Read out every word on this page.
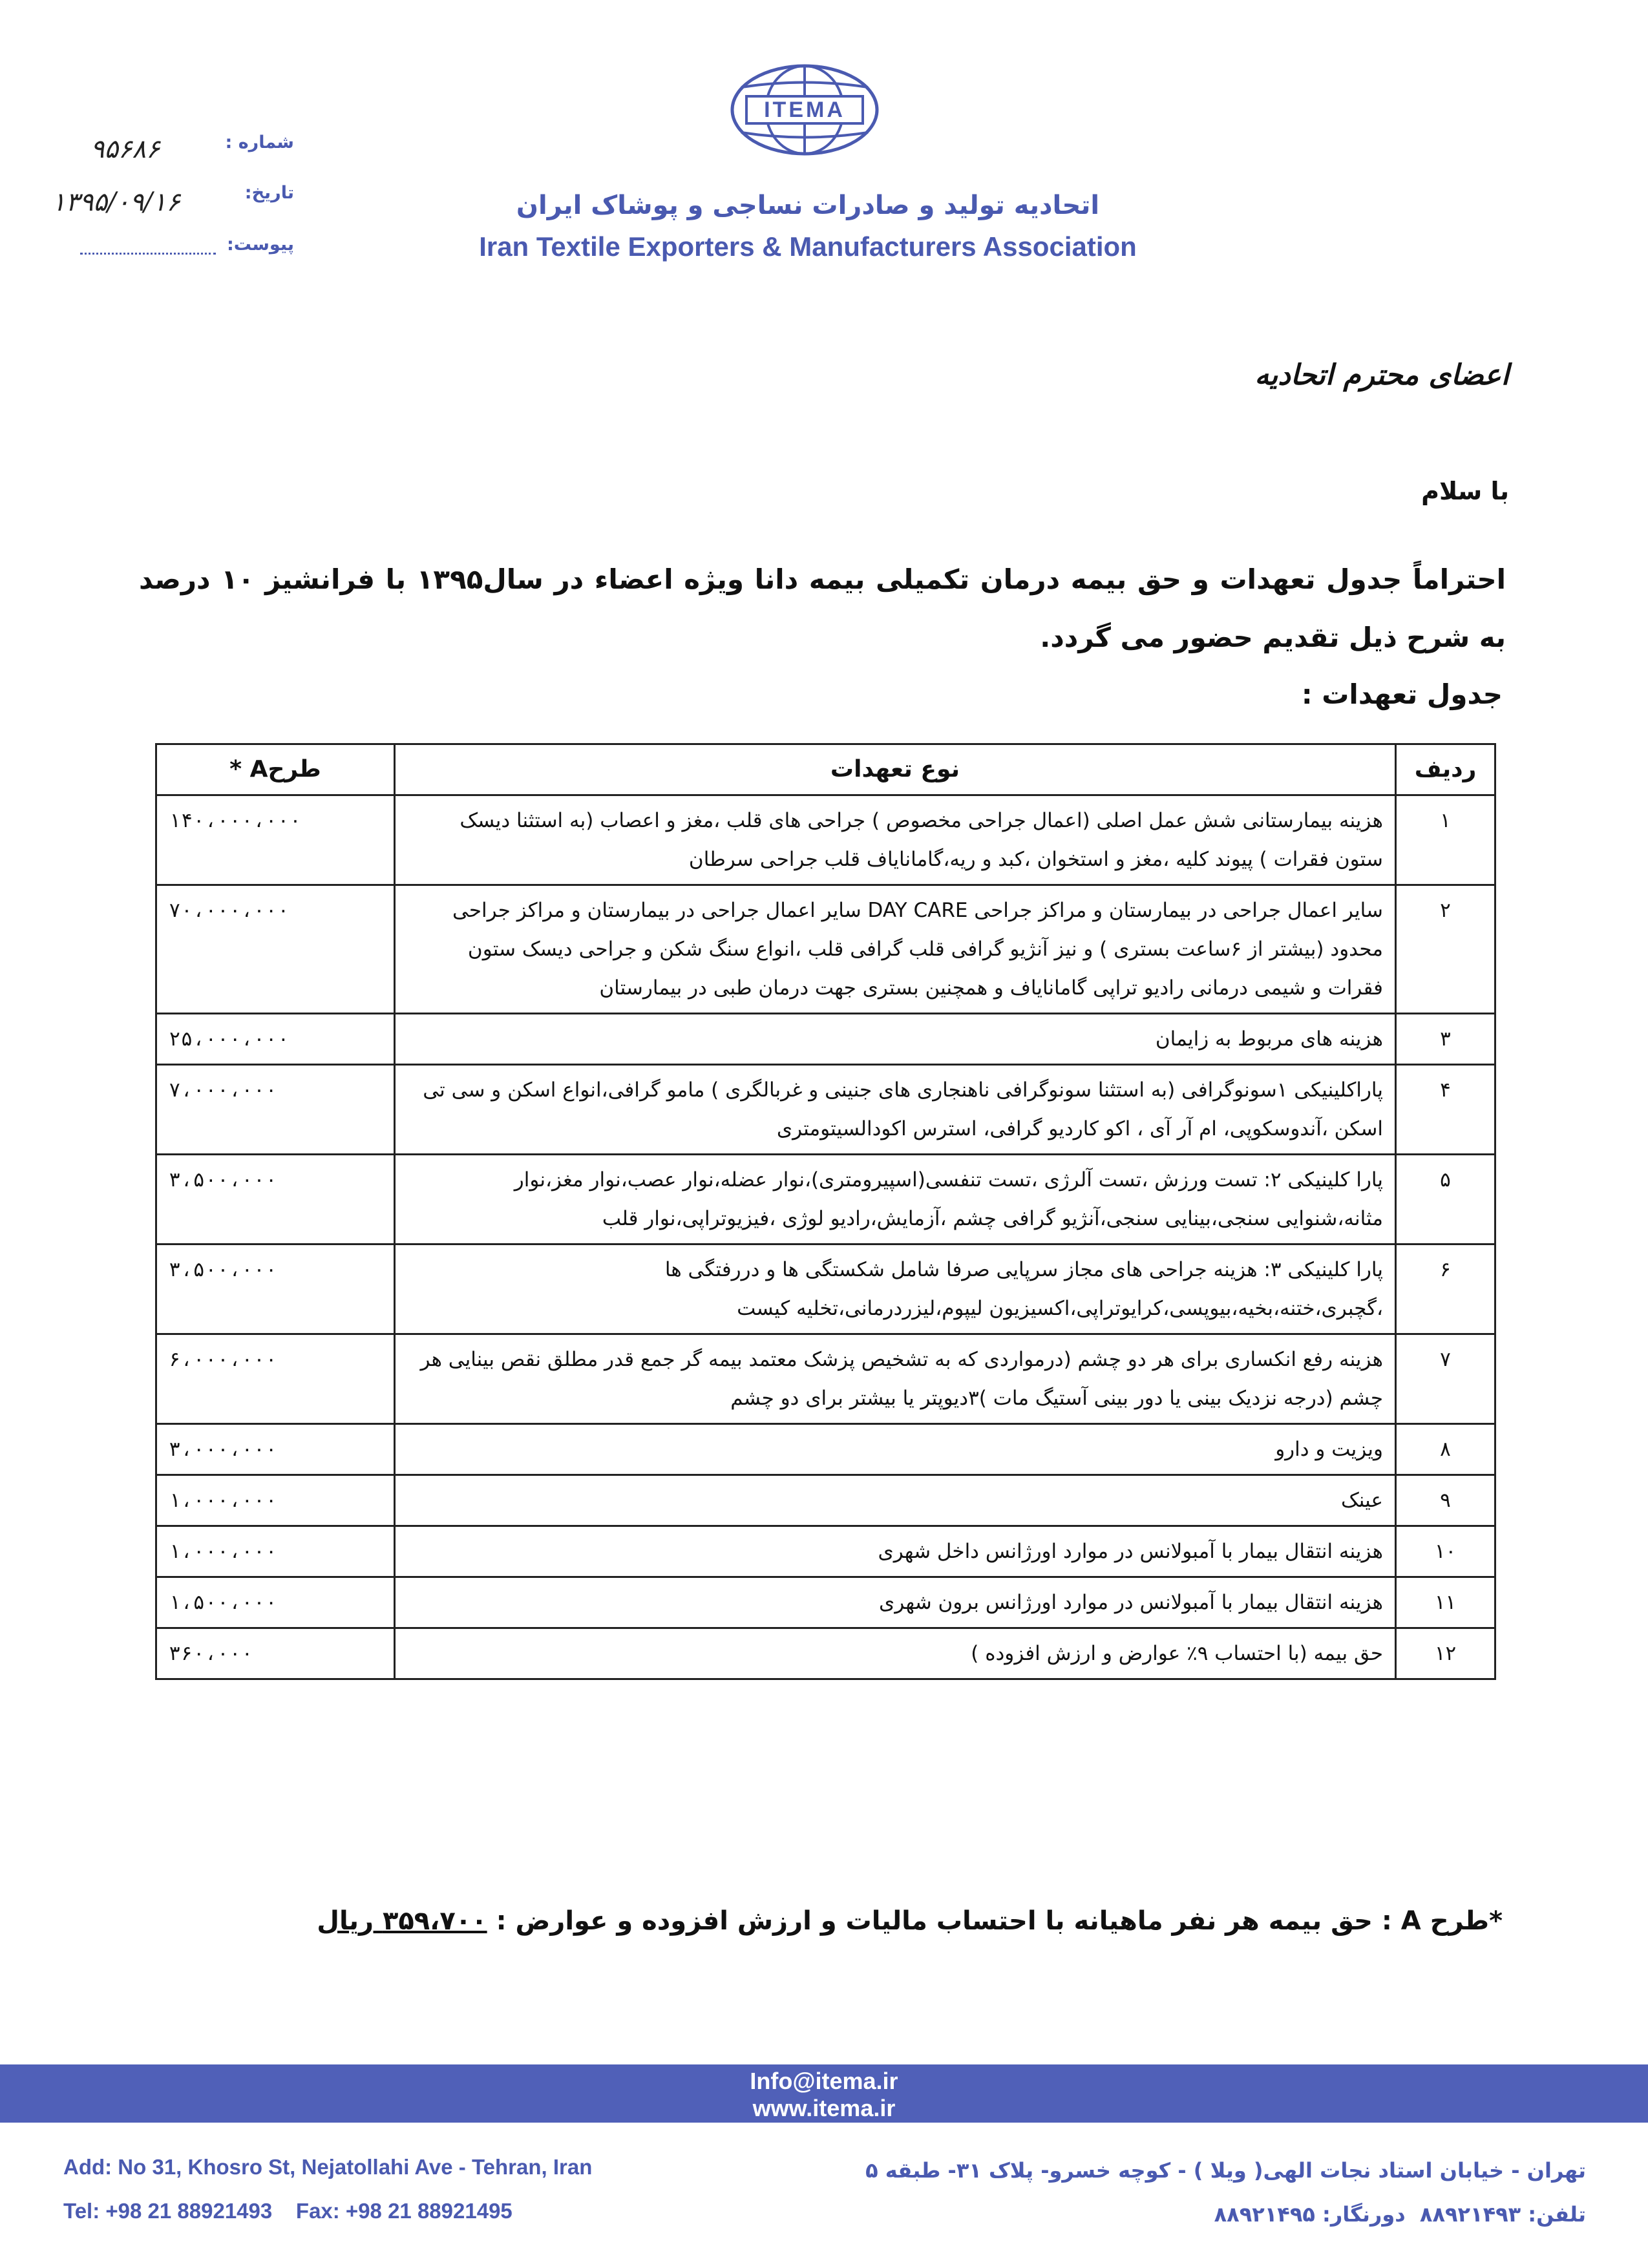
ITEMA
اتحادیه تولید و صادرات نساجی و پوشاک ایران
Iran Textile Exporters & Manufacturers Association
شماره :
۹۵۶۸۶
تاریخ:
۱۳۹۵/۰۹/۱۶
پیوست:
اعضای محترم اتحادیه
با سلام
احتراماً جدول تعهدات و حق بیمه درمان تکمیلی بیمه دانا ویژه اعضاء در سال۱۳۹۵ با فرانشیز ۱۰ درصد به شرح ذیل تقدیم حضور می گردد.
جدول تعهدات :
ردیف	نوع تعهدات	طرحA *
۱	هزینه بیمارستانی شش عمل اصلی (اعمال جراحی مخصوص ) جراحی های قلب ،مغز و اعصاب (به استثنا دیسک ستون فقرات ) پیوند کلیه ،مغز و استخوان ،کبد و ریه،گامانایاف قلب جراحی سرطان	۱۴۰،۰۰۰،۰۰۰
۲	سایر اعمال جراحی در بیمارستان و مراکز جراحی DAY CARE سایر اعمال جراحی در بیمارستان و مراکز جراحی محدود (بیشتر از ۶ساعت بستری ) و نیز آنژیو گرافی قلب گرافی قلب ،انواع سنگ شکن و جراحی دیسک ستون فقرات و شیمی درمانی رادیو تراپی گامانایاف و همچنین بستری جهت درمان طبی در بیمارستان	۷۰،۰۰۰،۰۰۰
۳	هزینه های مربوط به زایمان	۲۵،۰۰۰،۰۰۰
۴	پاراکلینیکی ۱سونوگرافی (به استثنا سونوگرافی ناهنجاری های جنینی و غربالگری ) مامو گرافی،انواع اسکن و سی تی اسکن ،آندوسکوپی، ام آر آی ، اکو کاردیو گرافی، استرس اکودالسیتومتری	۷،۰۰۰،۰۰۰
۵	پارا کلینیکی ۲: تست ورزش ،تست آلرژی ،تست تنفسی(اسپیرومتری)،نوار عضله،نوار عصب،نوار مغز،نوار مثانه،شنوایی سنجی،بینایی سنجی،آنژیو گرافی چشم ،آزمایش،رادیو لوژی ،فیزیوتراپی،نوار قلب	۳،۵۰۰،۰۰۰
۶	پارا کلینیکی ۳: هزینه جراحی های مجاز سرپایی صرفا شامل شکستگی ها و دررفتگی ها ،گچبری،ختنه،بخیه،بیوپسی،کرایوتراپی،اکسیزیون لیپوم،لیزردرمانی،تخلیه کیست	۳،۵۰۰،۰۰۰
۷	هزینه رفع انکساری برای هر دو چشم (درمواردی که به تشخیص پزشک معتمد بیمه گر جمع قدر مطلق نقص بینایی هر چشم (درجه نزدیک بینی یا دور بینی آستیگ مات )۳دیوپتر یا بیشتر برای دو چشم	۶،۰۰۰،۰۰۰
۸	ویزیت و دارو	۳،۰۰۰،۰۰۰
۹	عینک	۱،۰۰۰،۰۰۰
۱۰	هزینه انتقال بیمار با آمبولانس در موارد اورژانس داخل شهری	۱،۰۰۰،۰۰۰
۱۱	هزینه انتقال بیمار با آمبولانس در موارد اورژانس برون شهری	۱،۵۰۰،۰۰۰
۱۲	حق بیمه (با احتساب ۹٪ عوارض و ارزش افزوده )	۳۶۰،۰۰۰
*طرح A : حق بیمه هر نفر ماهیانه با احتساب مالیات و ارزش افزوده و عوارض : ۳۵۹،۷۰۰ ریال
Info@itema.ir
www.itema.ir
Add: No 31, Khosro St, Nejatollahi Ave - Tehran, Iran
Tel: +98 21 88921493    Fax: +98 21 88921495
تهران - خیابان استاد نجات الهی( ویلا ) - کوچه خسرو- پلاک ۳۱- طبقه ۵
تلفن: ۸۸۹۲۱۴۹۳  دورنگار: ۸۸۹۲۱۴۹۵
